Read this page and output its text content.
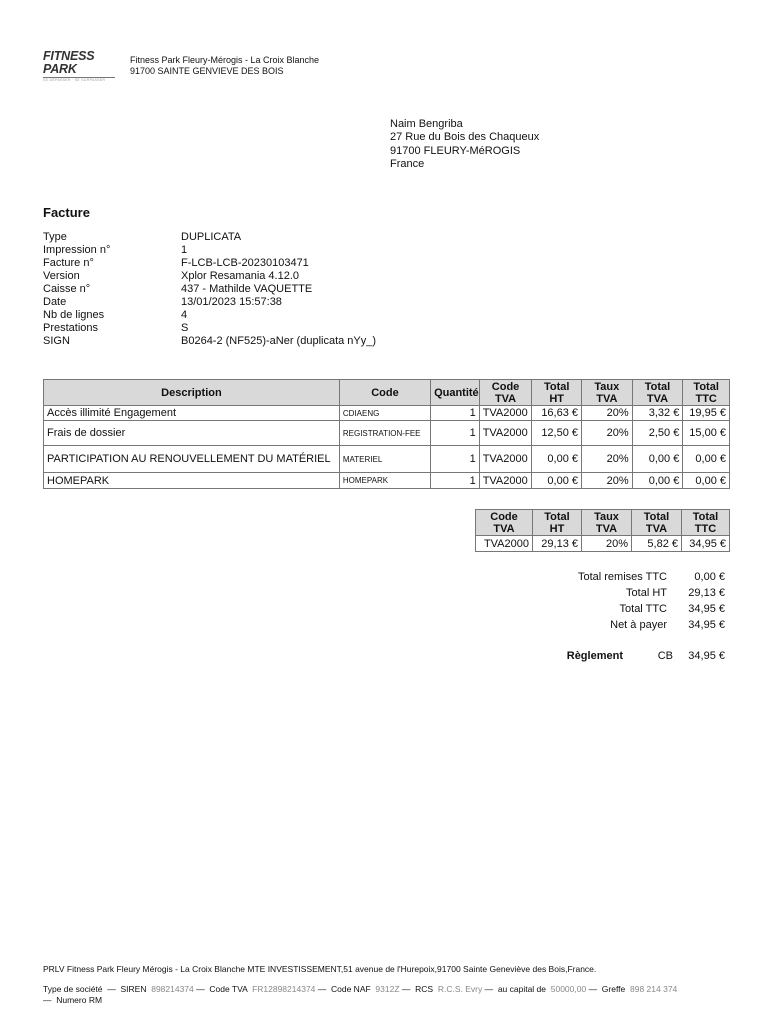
FITNESS PARK
SE DÉPASSER · SE SURPASSER
Fitness Park Fleury-Mérogis - La Croix Blanche
91700 SAINTE GENVIEVE DES BOIS
Naim Bengriba
27 Rue du Bois des Chaqueux
91700 FLEURY-MéROGIS
France
Facture
Type	DUPLICATA
Impression n°	1
Facture n°	F-LCB-LCB-20230103471
Version	Xplor Resamania 4.12.0
Caisse n°	437 - Mathilde VAQUETTE
Date	13/01/2023 15:57:38
Nb de lignes	4
Prestations	S
SIGN	B0264-2 (NF525)-aNer (duplicata nYy_)
Description	Code	Quantité	Code TVA	Total HT	Taux TVA	Total TVA	Total TTC
Accès illimité Engagement	CDIAENG	1	TVA2000	16,63 €	20%	3,32 €	19,95 €
Frais de dossier	REGISTRATION-FEE	1	TVA2000	12,50 €	20%	2,50 €	15,00 €
PARTICIPATION AU RENOUVELLEMENT DU MATÉRIEL	MATERIEL	1	TVA2000	0,00 €	20%	0,00 €	0,00 €
HOMEPARK	HOMEPARK	1	TVA2000	0,00 €	20%	0,00 €	0,00 €
Code TVA	Total HT	Taux TVA	Total TVA	Total TTC
TVA2000	29,13 €	20%	5,82 €	34,95 €
Total remises TTC	0,00 €
Total HT	29,13 €
Total TTC	34,95 €
Net à payer	34,95 €
Règlement	CB	34,95 €
PRLV Fitness Park Fleury Mérogis - La Croix Blanche MTE INVESTISSEMENT,51 avenue de l'Hurepoix,91700 Sainte Geneviève des Bois,France.
Type de société  —  SIREN 898214374 —  Code TVA FR12898214374 —  Code NAF 9312Z —  RCS R.C.S. Evry —  au capital de 50000,00 —  Greffe 898 214 374
—  Numero RM
